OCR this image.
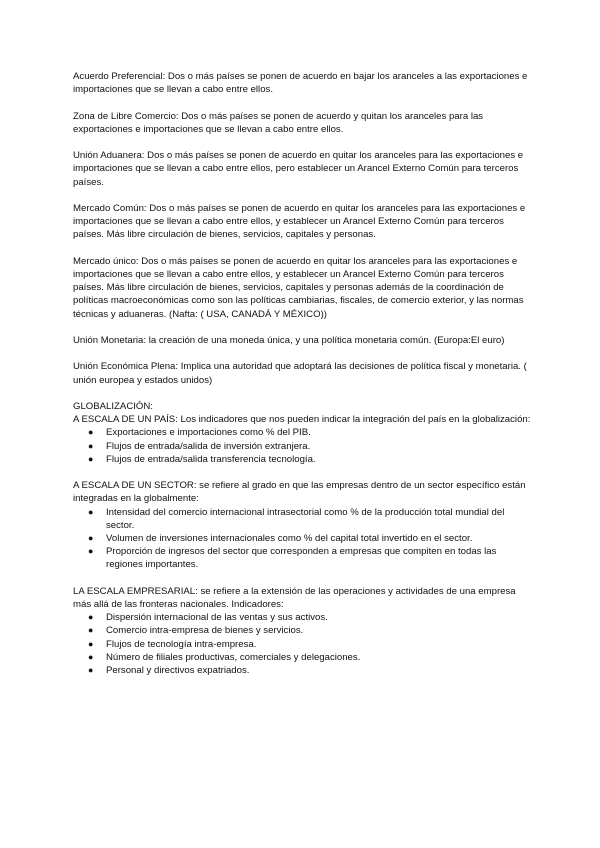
Acuerdo Preferencial: Dos o más países se ponen de acuerdo en bajar los aranceles a las exportaciones e importaciones que se llevan a cabo entre ellos.

Zona de Libre Comercio: Dos o más países se ponen de acuerdo y quitan los aranceles para las exportaciones e importaciones que se llevan a cabo entre ellos.

Unión Aduanera: Dos o más países se ponen de acuerdo en quitar los aranceles para las exportaciones e importaciones que se llevan a cabo entre ellos, pero establecer un Arancel Externo Común para terceros países.

Mercado Común: Dos o más países se ponen de acuerdo en quitar los aranceles para las exportaciones e importaciones que se llevan a cabo entre ellos, y establecer un Arancel Externo Común para terceros países. Más libre circulación de bienes, servicios, capitales y personas.

Mercado único: Dos o más países se ponen de acuerdo en quitar los aranceles para las exportaciones e importaciones que se llevan a cabo entre ellos, y establecer un Arancel Externo Común para terceros países. Más libre circulación de bienes, servicios, capitales y personas además de la coordinación de políticas macroeconómicas como son las políticas cambiarias, fiscales, de comercio exterior, y las normas técnicas y aduaneras. (Nafta: ( USA, CANADÁ Y MÉXICO))

Unión Monetaria: la creación de una moneda única, y una política monetaria común. (Europa:El euro)

Unión Económica Plena: Implica una autoridad que adoptará las decisiones de política fiscal y monetaria. ( unión europea y estados unidos)

GLOBALIZACIÓN:

A ESCALA DE UN PAÍS: Los indicadores que nos pueden indicar la integración del país en la globalización:

● Exportaciones e importaciones como % del PIB.
● Flujos de entrada/salida de inversión extranjera.
● Flujos de entrada/salida transferencia tecnología.

A ESCALA DE UN SECTOR: se refiere al grado en que las empresas dentro de un sector específico están integradas en la globalmente:

● Intensidad del comercio internacional intrasectorial como % de la producción total mundial del sector.
● Volumen de inversiones internacionales como % del capital total invertido en el sector.
● Proporción de ingresos del sector que corresponden a empresas que compiten en todas las regiones importantes.

LA ESCALA EMPRESARIAL: se refiere a la extensión de las operaciones y actividades de una empresa más allá de las fronteras nacionales. Indicadores:

● Dispersión internacional de las ventas y sus activos.
● Comercio intra-empresa de bienes y servicios.
● Flujos de tecnología intra-empresa.
● Número de filiales productivas, comerciales y delegaciones.
● Personal y directivos expatriados.
